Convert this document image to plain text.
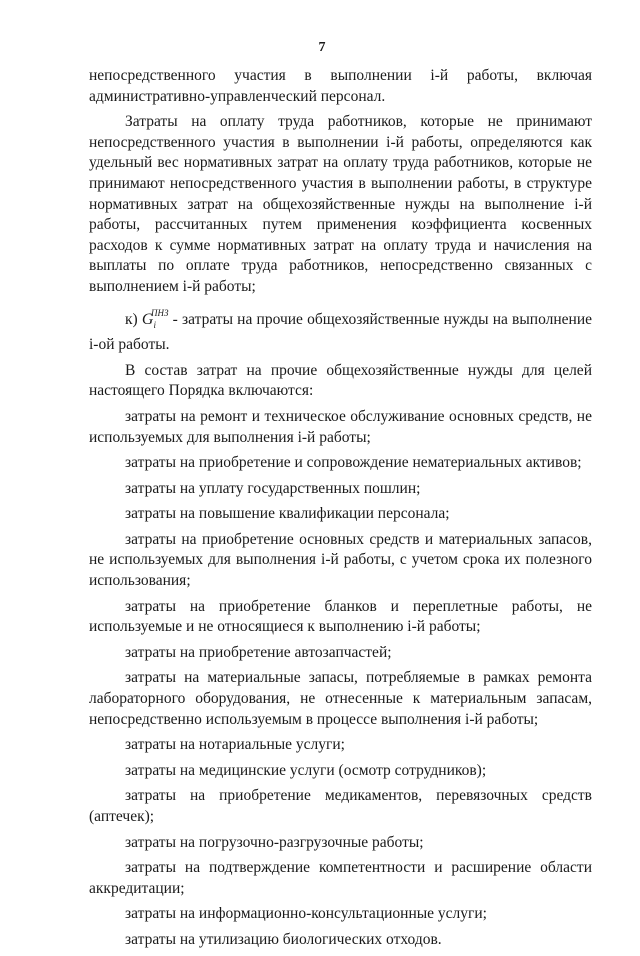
7

непосредственного участия в выполнении i-й работы, включая административно-управленческий персонал.

Затраты на оплату труда работников, которые не принимают непосредственного участия в выполнении i-й работы, определяются как удельный вес нормативных затрат на оплату труда работников, которые не принимают непосредственного участия в выполнении работы, в структуре нормативных затрат на общехозяйственные нужды на выполнение i-й работы, рассчитанных путем применения коэффициента косвенных расходов к сумме нормативных затрат на оплату труда и начисления на выплаты по оплате труда работников, непосредственно связанных с выполнением i-й работы;

к) $G_i^{ПНЗ}$ - затраты на прочие общехозяйственные нужды на выполнение i-ой работы.

В состав затрат на прочие общехозяйственные нужды для целей настоящего Порядка включаются:

затраты на ремонт и техническое обслуживание основных средств, не используемых для выполнения i-й работы;

затраты на приобретение и сопровождение нематериальных активов;

затраты на уплату государственных пошлин;

затраты на повышение квалификации персонала;

затраты на приобретение основных средств и материальных запасов, не используемых для выполнения i-й работы, с учетом срока их полезного использования;

затраты на приобретение бланков и переплетные работы, не используемые и не относящиеся к выполнению i-й работы;

затраты на приобретение автозапчастей;

затраты на материальные запасы, потребляемые в рамках ремонта лабораторного оборудования, не отнесенные к материальным запасам, непосредственно используемым в процессе выполнения i-й работы;

затраты на нотариальные услуги;

затраты на медицинские услуги (осмотр сотрудников);

затраты на приобретение медикаментов, перевязочных средств (аптечек);

затраты на погрузочно-разгрузочные работы;

затраты на подтверждение компетентности и расширение области аккредитации;

затраты на информационно-консультационные услуги;

затраты на утилизацию биологических отходов.
